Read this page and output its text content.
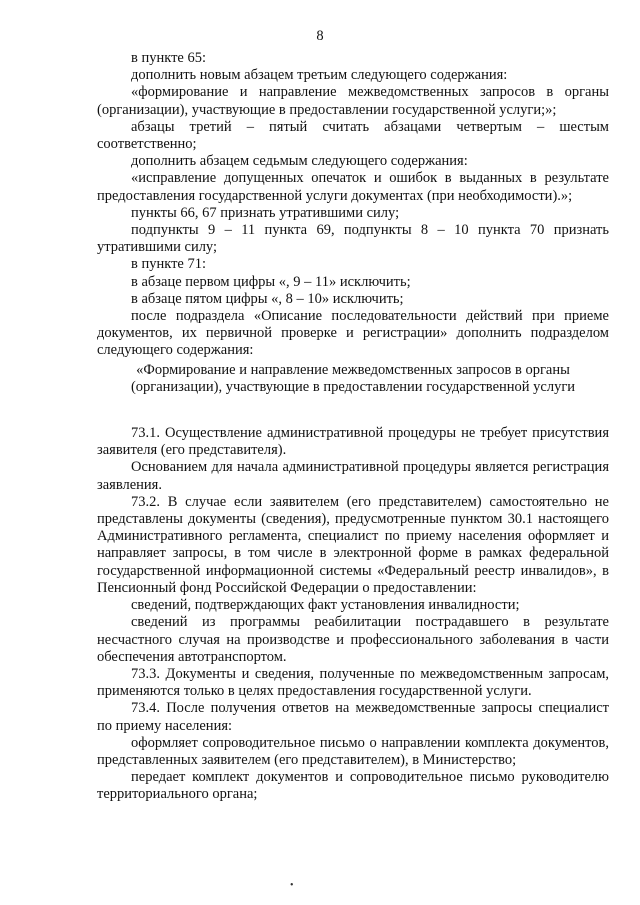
8

в пункте 65:

дополнить новым абзацем третьим следующего содержания:

«формирование и направление межведомственных запросов в органы (организации), участвующие в предоставлении государственной услуги;»;

абзацы третий – пятый считать абзацами четвертым – шестым соответственно;

дополнить абзацем седьмым следующего содержания:

«исправление допущенных опечаток и ошибок в выданных в результате предоставления государственной услуги документах (при необходимости).»;

пункты 66, 67 признать утратившими силу;

подпункты 9 – 11 пункта 69, подпункты 8 – 10 пункта 70 признать утратившими силу;

в пункте 71:

в абзаце первом цифры «, 9 – 11» исключить;

в абзаце пятом цифры «, 8 – 10» исключить;

после подраздела «Описание последовательности действий при приеме документов, их первичной проверке и регистрации» дополнить подразделом следующего содержания:

«Формирование и направление межведомственных запросов в органы

(организации), участвующие в предоставлении государственной услуги

73.1. Осуществление административной процедуры не требует присутствия заявителя (его представителя).

Основанием для начала административной процедуры является регистрация заявления.

73.2. В случае если заявителем (его представителем) самостоятельно не представлены документы (сведения), предусмотренные пунктом 30.1 настоящего Административного регламента, специалист по приему населения оформляет и направляет запросы, в том числе в электронной форме в рамках федеральной государственной информационной системы «Федеральный реестр инвалидов», в Пенсионный фонд Российской Федерации о предоставлении:

сведений, подтверждающих факт установления инвалидности;

сведений из программы реабилитации пострадавшего в результате несчастного случая на производстве и профессионального заболевания в части обеспечения автотранспортом.

73.3. Документы и сведения, полученные по межведомственным запросам, применяются только в целях предоставления государственной услуги.

73.4. После получения ответов на межведомственные запросы специалист по приему населения:

оформляет сопроводительное письмо о направлении комплекта документов, представленных заявителем (его представителем), в Министерство;

передает комплект документов и сопроводительное письмо руководителю территориального органа;

•
